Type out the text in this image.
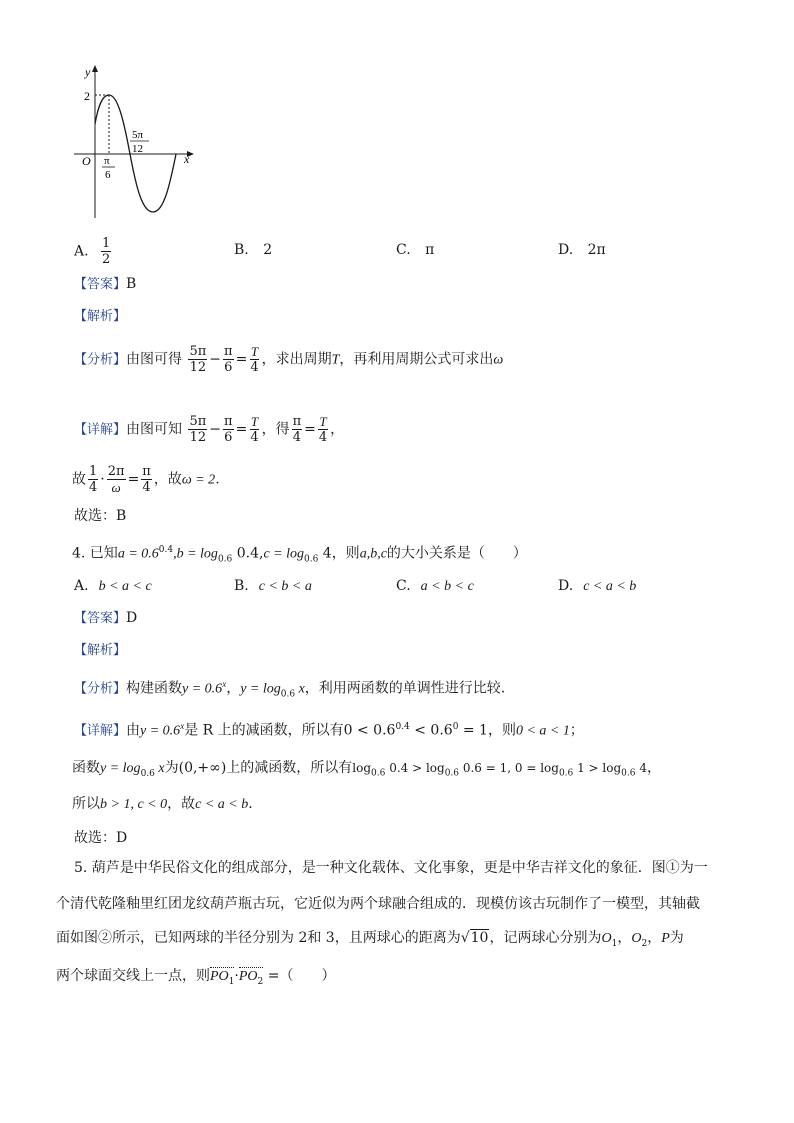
y
x
O
2
π
6
5π
12
A. $\frac{1}{2}$	B. 2	C. π	D. 2π
【答案】B
【解析】
【分析】由图可得 $\frac{5\pi}{12} - \frac{\pi}{6} = \frac{T}{4}$ ，求出周期T，再利用周期公式可求出ω
【详解】由图可知 $\frac{5\pi}{12} - \frac{\pi}{6} = \frac{T}{4}$ ，得 $\frac{\pi}{4} = \frac{T}{4}$ ，
故 $\frac{1}{4} \cdot \frac{2\pi}{\omega} = \frac{\pi}{4}$ ，故ω = 2.
故选：B
4. 已知$a = 0.6^{0.4},b = \log_{0.6} 0.4,c = \log_{0.6} 4$，则a,b,c的大小关系是（　　）
A. b < a < c	B. c < b < a	C. a < b < c	D. c < a < b
【答案】D
【解析】
【分析】构建函数$y = 0.6^x$，$y = \log_{0.6} x$，利用两函数的单调性进行比较.
【详解】由$y = 0.6^x$是 R 上的减函数，所以有$0 < 0.6^{0.4} < 0.6^0 = 1$，则0 < a < 1；
函数$y = \log_{0.6} x$为(0,+∞)上的减函数，所以有$\log_{0.6} 0.4 > \log_{0.6} 0.6 = 1$, $0 = \log_{0.6} 1 > \log_{0.6} 4$，
所以b > 1, c < 0，故c < a < b.
故选：D
5. 葫芦是中华民俗文化的组成部分，是一种文化载体、文化事象，更是中华吉祥文化的象征．图①为一
个清代乾隆釉里红团龙纹葫芦瓶古玩，它近似为两个球融合组成的．现模仿该古玩制作了一模型，其轴截
面如图②所示，已知两球的半径分别为 2和 3，且两球心的距离为√10，记两球心分别为$O_1$，$O_2$，P为
两个球面交线上一点，则$PO_1\cdot PO_2$ =（　　）
